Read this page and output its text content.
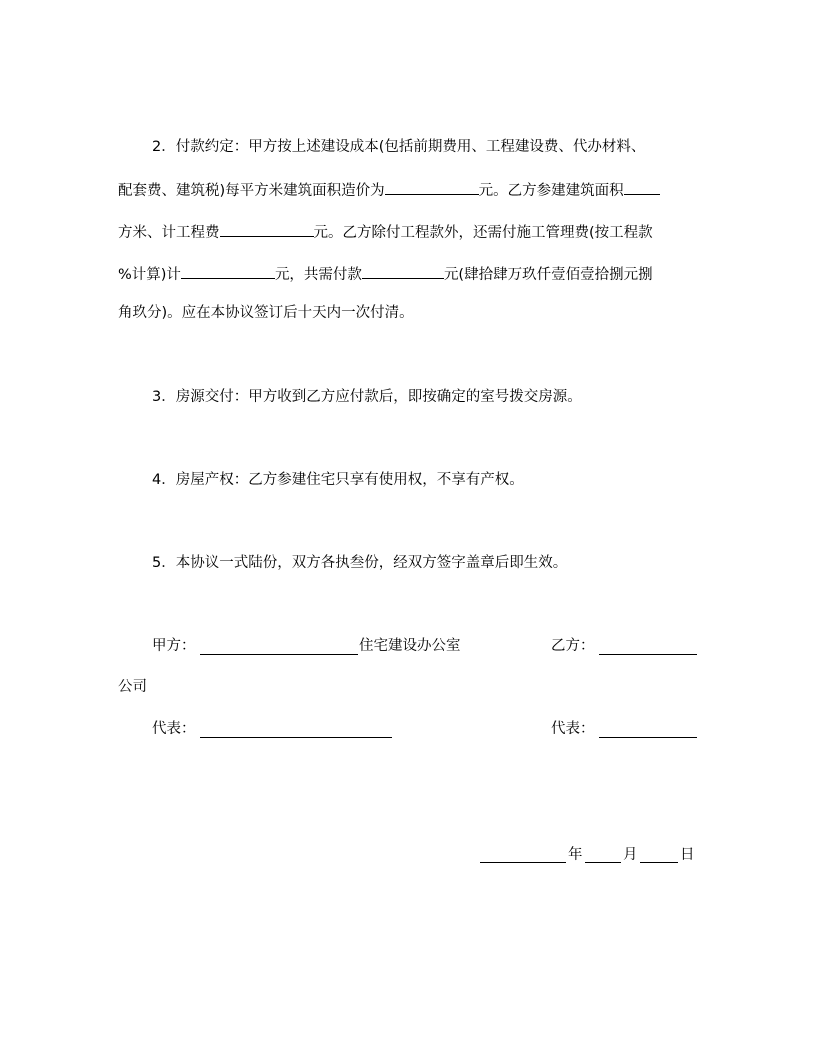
2．付款约定：甲方按上述建设成本(包括前期费用、工程建设费、代办材料、
配套费、建筑税)每平方米建筑面积造价为	元。乙方参建建筑面积
方米、计工程费	元。乙方除付工程款外，还需付施工管理费(按工程款
%计算)计	元，共需付款	元(肆拾肆万玖仟壹佰壹拾捌元捌
角玖分)。应在本协议签订后十天内一次付清。
3．房源交付：甲方收到乙方应付款后，即按确定的室号拨交房源。
4．房屋产权：乙方参建住宅只享有使用权，不享有产权。
5．本协议一式陆份，双方各执叁份，经双方签字盖章后即生效。
甲方：	住宅建设办公室	乙方：
公司
代表：	代表：
年	月	日
